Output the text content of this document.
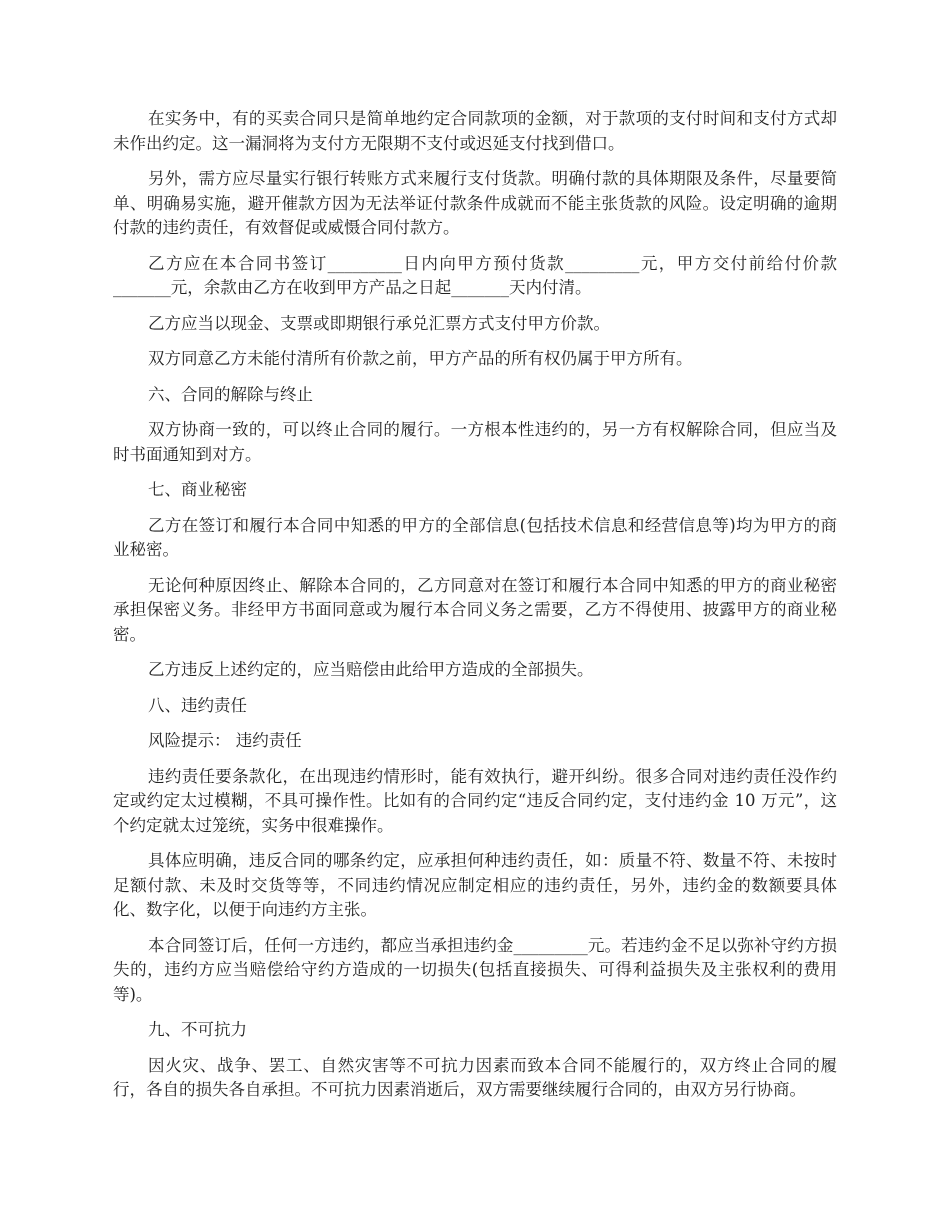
在实务中，有的买卖合同只是简单地约定合同款项的金额，对于款项的支付时间和支付方式却未作出约定。这一漏洞将为支付方无限期不支付或迟延支付找到借口。

另外，需方应尽量实行银行转账方式来履行支付货款。明确付款的具体期限及条件，尽量要简单、明确易实施，避开催款方因为无法举证付款条件成就而不能主张货款的风险。设定明确的逾期付款的违约责任，有效督促或威慑合同付款方。

乙方应在本合同书签订_________日内向甲方预付货款_________元，甲方交付前给付价款_______元，余款由乙方在收到甲方产品之日起_______天内付清。

乙方应当以现金、支票或即期银行承兑汇票方式支付甲方价款。

双方同意乙方未能付清所有价款之前，甲方产品的所有权仍属于甲方所有。

六、合同的解除与终止

双方协商一致的，可以终止合同的履行。一方根本性违约的，另一方有权解除合同，但应当及时书面通知到对方。

七、商业秘密

乙方在签订和履行本合同中知悉的甲方的全部信息(包括技术信息和经营信息等)均为甲方的商业秘密。

无论何种原因终止、解除本合同的，乙方同意对在签订和履行本合同中知悉的甲方的商业秘密承担保密义务。非经甲方书面同意或为履行本合同义务之需要，乙方不得使用、披露甲方的商业秘密。

乙方违反上述约定的，应当赔偿由此给甲方造成的全部损失。

八、违约责任

风险提示： 违约责任

违约责任要条款化，在出现违约情形时，能有效执行，避开纠纷。很多合同对违约责任没作约定或约定太过模糊，不具可操作性。比如有的合同约定“违反合同约定，支付违约金 10 万元”，这个约定就太过笼统，实务中很难操作。

具体应明确，违反合同的哪条约定，应承担何种违约责任，如：质量不符、数量不符、未按时足额付款、未及时交货等等，不同违约情况应制定相应的违约责任，另外，违约金的数额要具体化、数字化，以便于向违约方主张。

本合同签订后，任何一方违约，都应当承担违约金_________元。若违约金不足以弥补守约方损失的，违约方应当赔偿给守约方造成的一切损失(包括直接损失、可得利益损失及主张权利的费用等)。

九、不可抗力

因火灾、战争、罢工、自然灾害等不可抗力因素而致本合同不能履行的，双方终止合同的履行，各自的损失各自承担。不可抗力因素消逝后，双方需要继续履行合同的，由双方另行协商。
